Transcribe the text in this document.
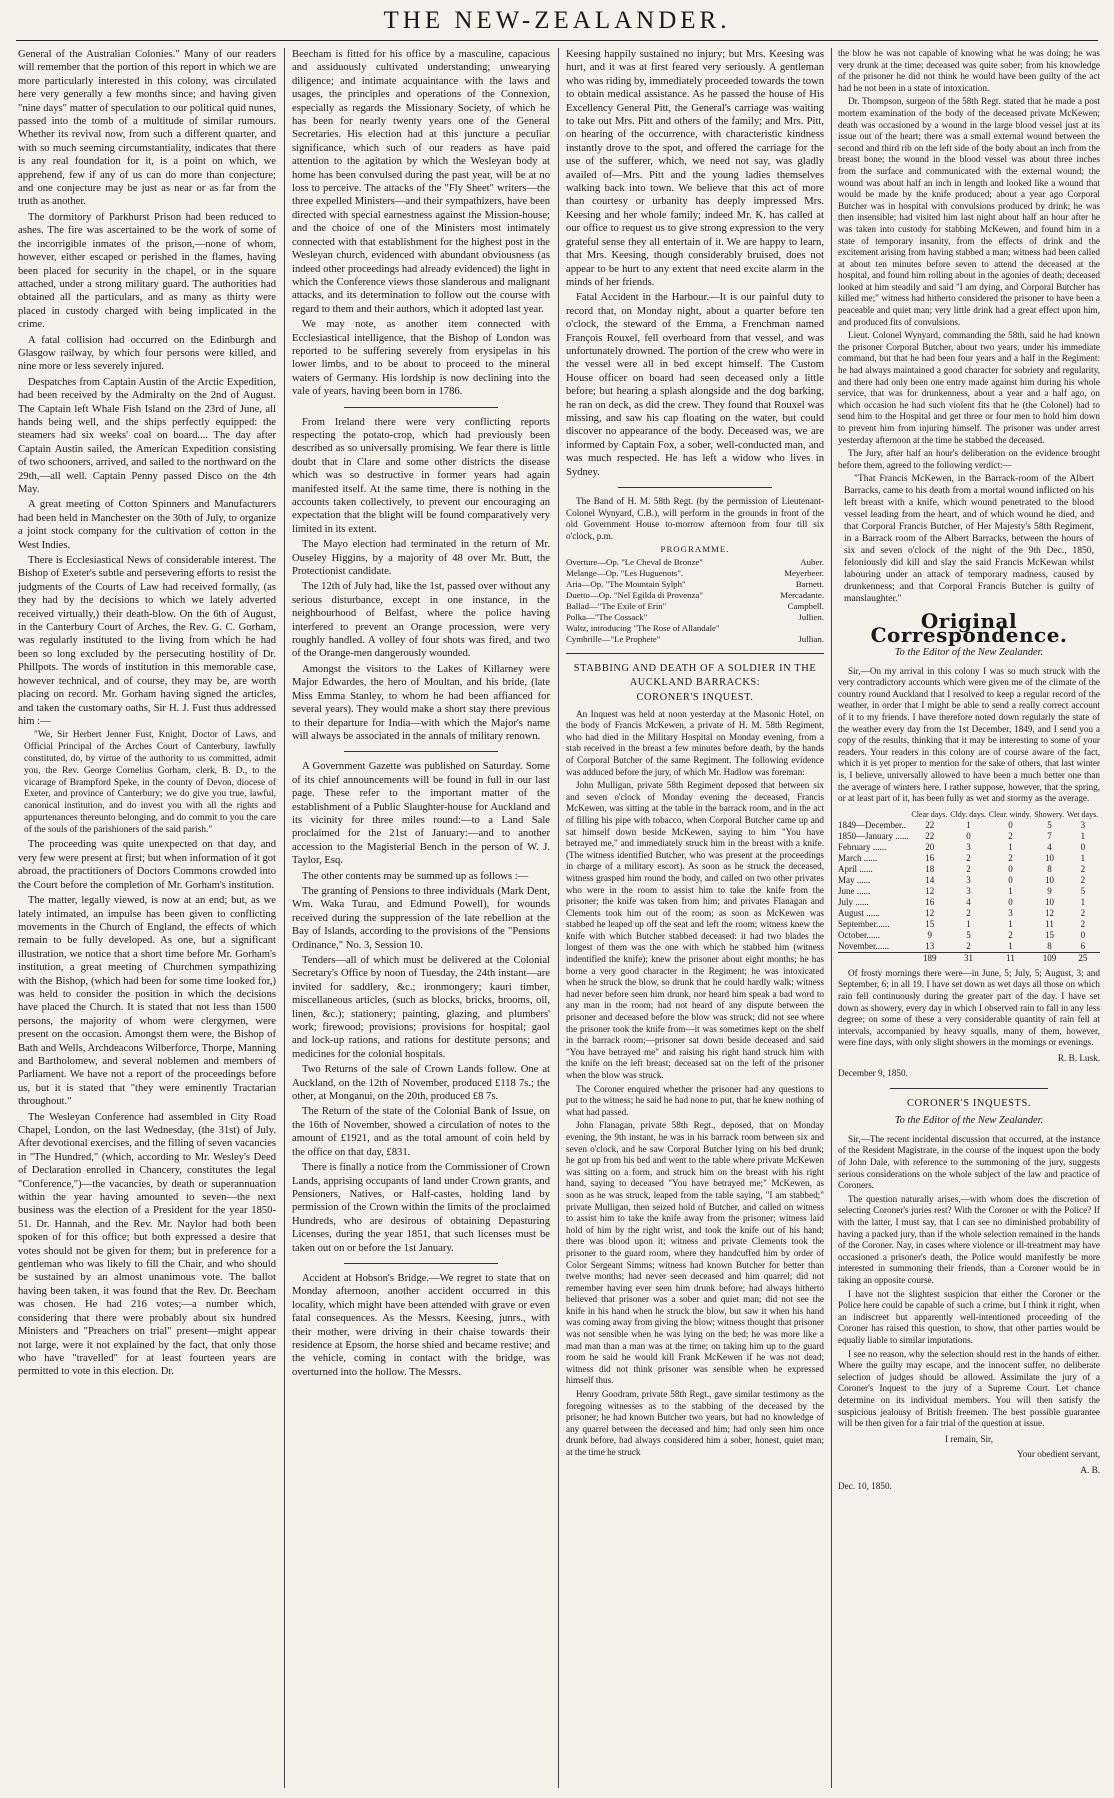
THE NEW-ZEALANDER.

General of the Australian Colonies." Many of our readers will remember that the portion of this report in which we are more particularly interested in this colony, was circulated here very generally a few months since; and having given "nine days" matter of speculation to our political quid nunes, passed into the tomb of a multitude of similar rumours. Whether its revival now, from such a different quarter, and with so much seeming circumstantiality, indicates that there is any real foundation for it, is a point on which, we apprehend, few if any of us can do more than conjecture; and one conjecture may be just as near or as far from the truth as another.

The dormitory of Parkhurst Prison had been reduced to ashes. The fire was ascertained to be the work of some of the incorrigible inmates of the prison,—none of whom, however, either escaped or perished in the flames, having been placed for security in the chapel, or in the square attached, under a strong military guard. The authorities had obtained all the particulars, and as many as thirty were placed in custody charged with being implicated in the crime.

A fatal collision had occurred on the Edinburgh and Glasgow railway, by which four persons were killed, and nine more or less severely injured.

Despatches from Captain Austin of the Arctic Expedition, had been received by the Admiralty on the 2nd of August. The Captain left Whale Fish Island on the 23rd of June, all hands being well, and the ships perfectly equipped: the steamers had six weeks' coal on board.... The day after Captain Austin sailed, the American Expedition consisting of two schooners, arrived, and sailed to the northward on the 29th,—all well. Captain Penny passed Disco on the 4th May.

A great meeting of Cotton Spinners and Manufacturers had been held in Manchester on the 30th of July, to organize a joint stock company for the cultivation of cotton in the West Indies.

There is Ecclesiastical News of considerable interest. The Bishop of Exeter's subtle and persevering efforts to resist the judgments of the Courts of Law had received formally, (as they had by the decisions to which we lately adverted received virtually,) their death-blow. On the 6th of August, in the Canterbury Court of Arches, the Rev. G. C. Gorham, was regularly instituted to the living from which he had been so long excluded by the persecuting hostility of Dr. Phillpots. The words of institution in this memorable case, however technical, and of course, they may be, are worth placing on record. Mr. Gorham having signed the articles, and taken the customary oaths, Sir H. J. Fust thus addressed him :—

"We, Sir Herbert Jenner Fust, Knight, Doctor of Laws, and Official Principal of the Arches Court of Canterbury, lawfully constituted, do, by virtue of the authority to us committed, admit you, the Rev. George Cornelius Gorham, clerk, B. D., to the vicarage of Brampford Speke, in the county of Devon, diocese of Exeter, and province of Canterbury; we do give you true, lawful, canonical institution, and do invest you with all the rights and appurtenances thereunto belonging, and do commit to you the care of the souls of the parishioners of the said parish."

The proceeding was quite unexpected on that day, and very few were present at first; but when information of it got abroad, the practitioners of Doctors Commons crowded into the Court before the completion of Mr. Gorham's institution.

The matter, legally viewed, is now at an end; but, as we lately intimated, an impulse has been given to conflicting movements in the Church of England, the effects of which remain to be fully developed. As one, but a significant illustration, we notice that a short time before Mr. Gorham's institution, a great meeting of Churchmen sympathizing with the Bishop, (which had been for some time looked for,) was held to consider the position in which the decisions have placed the Church. It is stated that not less than 1500 persons, the majority of whom were clergymen, were present on the occasion. Amongst them were, the Bishop of Bath and Wells, Archdeacons Wilberforce, Thorpe, Manning and Bartholomew, and several noblemen and members of Parliament. We have not a report of the proceedings before us, but it is stated that "they were eminently Tractarian throughout."

The Wesleyan Conference had assembled in City Road Chapel, London, on the last Wednesday, (the 31st) of July. After devotional exercises, and the filling of seven vacancies in "The Hundred," (which, according to Mr. Wesley's Deed of Declaration enrolled in Chancery, constitutes the legal "Conference,")—the vacancies, by death or superannuation within the year having amounted to seven—the next business was the election of a President for the year 1850-51. Dr. Hannah, and the Rev. Mr. Naylor had both been spoken of for this office; but both expressed a desire that votes should not be given for them; but in preference for a gentleman who was likely to fill the Chair, and who should be sustained by an almost unanimous vote. The ballot having been taken, it was found that the Rev. Dr. Beecham was chosen. He had 216 votes;—a number which, considering that there were probably about six hundred Ministers and "Preachers on trial" present—might appear not large, were it not explained by the fact, that only those who have "travelled" for at least fourteen years are permitted to vote in this election. Dr.

Beecham is fitted for his office by a masculine, capacious and assiduously cultivated understanding; unwearying diligence; and intimate acquaintance with the laws and usages, the principles and operations of the Connexion, especially as regards the Missionary Society, of which he has been for nearly twenty years one of the General Secretaries. His election had at this juncture a peculiar significance, which such of our readers as have paid attention to the agitation by which the Wesleyan body at home has been convulsed during the past year, will be at no loss to perceive. The attacks of the "Fly Sheet" writers—the three expelled Ministers—and their sympathizers, have been directed with special earnestness against the Mission-house; and the choice of one of the Ministers most intimately connected with that establishment for the highest post in the Wesleyan church, evidenced with abundant obviousness (as indeed other proceedings had already evidenced) the light in which the Conference views those slanderous and malignant attacks, and its determination to follow out the course with regard to them and their authors, which it adopted last year.

We may note, as another item connected with Ecclesiastical intelligence, that the Bishop of London was reported to be suffering severely from erysipelas in his lower limbs, and to be about to proceed to the mineral waters of Germany. His lordship is now declining into the vale of years, having been born in 1786.

From Ireland there were very conflicting reports respecting the potato-crop, which had previously been described as so universally promising. We fear there is little doubt that in Clare and some other districts the disease which was so destructive in former years had again manifested itself. At the same time, there is nothing in the accounts taken collectively, to prevent our encouraging an expectation that the blight will be found comparatively very limited in its extent.

The Mayo election had terminated in the return of Mr. Ouseley Higgins, by a majority of 48 over Mr. Butt, the Protectionist candidate.

The 12th of July had, like the 1st, passed over without any serious disturbance, except in one instance, in the neighbourhood of Belfast, where the police having interfered to prevent an Orange procession, were very roughly handled. A volley of four shots was fired, and two of the Orange-men dangerously wounded.

Amongst the visitors to the Lakes of Killarney were Major Edwardes, the hero of Moultan, and his bride, (late Miss Emma Stanley, to whom he had been affianced for several years). They would make a short stay there previous to their departure for India—with which the Major's name will always be associated in the annals of military renown.

A Government Gazette was published on Saturday. Some of its chief announcements will be found in full in our last page. These refer to the important matter of the establishment of a Public Slaughter-house for Auckland and its vicinity for three miles round:—to a Land Sale proclaimed for the 21st of January:—and to another accession to the Magisterial Bench in the person of W. J. Taylor, Esq.

The other contents may be summed up as follows :—

The granting of Pensions to three individuals (Mark Dent, Wm. Waka Turau, and Edmund Powell), for wounds received during the suppression of the late rebellion at the Bay of Islands, according to the provisions of the "Pensions Ordinance," No. 3, Session 10.

Tenders—all of which must be delivered at the Colonial Secretary's Office by noon of Tuesday, the 24th instant—are invited for saddlery, &c.; ironmongery; kauri timber, miscellaneous articles, (such as blocks, bricks, brooms, oil, linen, &c.); stationery; painting, glazing, and plumbers' work; firewood; provisions; provisions for hospital; gaol and lock-up rations, and rations for destitute persons; and medicines for the colonial hospitals.

Two Returns of the sale of Crown Lands follow. One at Auckland, on the 12th of November, produced £118 7s.; the other, at Monganui, on the 20th, produced £8 7s.

The Return of the state of the Colonial Bank of Issue, on the 16th of November, showed a circulation of notes to the amount of £1921, and as the total amount of coin held by the office on that day, £831.

There is finally a notice from the Commissioner of Crown Lands, apprising occupants of land under Crown grants, and Pensioners, Natives, or Half-castes, holding land by permission of the Crown within the limits of the proclaimed Hundreds, who are desirous of obtaining Depasturing Licenses, during the year 1851, that such licenses must be taken out on or before the 1st January.

Accident at Hobson's Bridge.—We regret to state that on Monday afternoon, another accident occurred in this locality, which might have been attended with grave or even fatal consequences. As the Messrs. Keesing, junrs., with their mother, were driving in their chaise towards their residence at Epsom, the horse shied and became restive; and the vehicle, coming in contact with the bridge, was overturned into the hollow. The Messrs.

Keesing happily sustained no injury; but Mrs. Keesing was hurt, and it was at first feared very seriously. A gentleman who was riding by, immediately proceeded towards the town to obtain medical assistance. As he passed the house of His Excellency General Pitt, the General's carriage was waiting to take out Mrs. Pitt and others of the family; and Mrs. Pitt, on hearing of the occurrence, with characteristic kindness instantly drove to the spot, and offered the carriage for the use of the sufferer, which, we need not say, was gladly availed of—Mrs. Pitt and the young ladies themselves walking back into town. We believe that this act of more than courtesy or urbanity has deeply impressed Mrs. Keesing and her whole family; indeed Mr. K. has called at our office to request us to give strong expression to the very grateful sense they all entertain of it. We are happy to learn, that Mrs. Keesing, though considerably bruised, does not appear to be hurt to any extent that need excite alarm in the minds of her friends.

Fatal Accident in the Harbour.—It is our painful duty to record that, on Monday night, about a quarter before ten o'clock, the steward of the Emma, a Frenchman named François Rouxel, fell overboard from that vessel, and was unfortunately drowned. The portion of the crew who were in the vessel were all in bed except himself. The Custom House officer on board had seen deceased only a little before; but hearing a splash alongside and the dog barking, he ran on deck, as did the crew. They found that Rouxel was missing, and saw his cap floating on the water, but could discover no appearance of the body. Deceased was, we are informed by Captain Fox, a sober, well-conducted man, and was much respected. He has left a widow who lives in Sydney.

The Band of H. M. 58th Regt. (by the permission of Lieutenant-Colonel Wynyard, C.B.), will perform in the grounds in front of the old Government House to-morrow afternoon from four till six o'clock, p.m.

PROGRAMME.
Overture—Op. "Le Cheval de Bronze"	Auber.
Melange—Op. "Les Huguenots".	Meyerbeer.
Aria—Op. "The Mountain Sylph"	Barnett.
Duetto—Op. "Nel Egilda di Provenza"	Mercadante.
Ballad—"The Exile of Erin"	Campbell.
Polka—"The Cossack"	Jullien.
Waltz, introducing "The Rose of Allandale"
Cymbrille—"Le Prophete"	Jullian.
STABBING AND DEATH OF A SOLDIER IN THE AUCKLAND BARRACKS:
CORONER'S INQUEST.

An Inquest was held at noon yesterday at the Masonic Hotel, on the body of Francis McKewen, a private of H. M. 58th Regiment, who had died in the Military Hospital on Monday evening, from a stab received in the breast a few minutes before death, by the hands of Corporal Butcher of the same Regiment. The following evidence was adduced before the jury, of which Mr. Hadlow was foreman:

John Mulligan, private 58th Regiment deposed that between six and seven o'clock of Monday evening the deceased, Francis McKewen, was sitting at the table in the barrack room, and in the act of filling his pipe with tobacco, when Corporal Butcher came up and sat himself down beside McKewen, saying to him "You have betrayed me," and immediately struck him in the breast with a knife. (The witness identified Butcher, who was present at the proceedings in charge of a military escort). As soon as he struck the deceased, witness grasped him round the body, and called on two other privates who were in the room to assist him to take the knife from the prisoner; the knife was taken from him; and privates Flanagan and Clements took him out of the room; as soon as McKewen was stabbed he leaped up off the seat and left the room; witness knew the knife with which Butcher stabbed deceased: it had two blades the longest of them was the one with which he stabbed him (witness indentified the knife); knew the prisoner about eight months; he has borne a very good character in the Regiment; he was intoxicated when he struck the blow, so drunk that he could hardly walk; witness had never before seen him drunk, nor heard him speak a bad word to any man in the room; had not heard of any dispute between the prisoner and deceased before the blow was struck; did not see where the prisoner took the knife from—it was sometimes kept on the shelf in the barrack room;—prisoner sat down beside deceased and said "You have betrayed me" and raising his right hand struck him with the knife on the left breast; deceased sat on the left of the prisoner when the blow was struck.

The Coroner enquired whether the prisoner had any questions to put to the witness; he said he had none to put, that he knew nothing of what had passed.

John Flanagan, private 58th Regt., deposed, that on Monday evening, the 9th instant, he was in his barrack room between six and seven o'clock, and he saw Corporal Butcher lying on his bed drunk; he got up from his bed and went to the table where private McKewen was sitting on a form, and struck him on the breast with his right hand, saying to deceased "You have betrayed me;" McKewen, as soon as he was struck, leaped from the table saying, "I am stabbed;" private Mulligan, then seized hold of Butcher, and called on witness to assist him to take the knife away from the prisoner; witness laid hold of him by the right wrist, and took the knife out of his hand; there was blood upon it; witness and private Clements took the prisoner to the guard room, where they handcuffed him by order of Color Sergeant Simms; witness had known Butcher for better than twelve months; had never seen deceased and him quarrel; did not remember having ever seen him drunk before; had always hitherto believed that prisoner was a sober and quiet man; did not see the knife in his hand when he struck the blow, but saw it when his hand was coming away from giving the blow; witness thought that prisoner was not sensible when he was lying on the bed; he was more like a mad man than a man was at the time; on taking him up to the guard room he said he would kill Frank McKewen if he was not dead; witness did not think prisoner was sensible when he expressed himself thus.

Henry Goodram, private 58th Regt., gave similar testimony as the foregoing witnesses as to the stabbing of the deceased by the prisoner; he had known Butcher two years, but had no knowledge of any quarrel between the deceased and him; had only seen him once drunk before, had always considered him a sober, honest, quiet man; at the time he struck

the blow he was not capable of knowing what he was doing; he was very drunk at the time; deceased was quite sober; from his knowledge of the prisoner he did not think he would have been guilty of the act had he not been in a state of intoxication.

Dr. Thompson, surgeon of the 58th Regt. stated that he made a post mortem examination of the body of the deceased private McKewen; death was occasioned by a wound in the large blood vessel just at its issue out of the heart; there was a small external wound between the second and third rib on the left side of the body about an inch from the breast bone; the wound in the blood vessel was about three inches from the surface and communicated with the external wound; the wound was about half an inch in length and looked like a wound that would be made by the knife produced; about a year ago Corporal Butcher was in hospital with convulsions produced by drink; he was then insensible; had visited him last night about half an hour after he was taken into custody for stabbing McKewen, and found him in a state of temporary insanity, from the effects of drink and the excitement arising from having stabbed a man; witness had been called at about ten minutes before seven to attend the deceased at the hospital, and found him rolling about in the agonies of death; deceased looked at him steadily and said "I am dying, and Corporal Butcher has killed me;" witness had hitherto considered the prisoner to have been a peaceable and quiet man; very little drink had a great effect upon him, and produced fits of convulsions.

Lieut. Colonel Wynyard, commanding the 58th, said he had known the prisoner Corporal Butcher, about two years, under his immediate command, but that he had been four years and a half in the Regiment: he had always maintained a good character for sobriety and regularity, and there had only been one entry made against him during his whole service, that was for drunkenness, about a year and a half ago, on which occasion he had such violent fits that he (the Colonel) had to send him to the Hospital and get three or four men to hold him down to prevent him from injuring himself. The prisoner was under arrest yesterday afternoon at the time he stabbed the deceased.

The Jury, after half an hour's deliberation on the evidence brought before them, agreed to the following verdict:—

"That Francis McKewen, in the Barrack-room of the Albert Barracks, came to his death from a mortal wound inflicted on his left breast with a knife, which wound penetrated to the blood vessel leading from the heart, and of which wound he died, and that Corporal Francis Butcher, of Her Majesty's 58th Regiment, in a Barrack room of the Albert Barracks, between the hours of six and seven o'clock of the night of the 9th Dec., 1850, feloniously did kill and slay the said Francis McKewan whilst labouring under an attack of temporary madness, caused by drunkenness; and that Corporal Francis Butcher is guilty of manslaughter."

Original Correspondence.
To the Editor of the New Zealander.

Sir,—On my arrival in this colony I was so much struck with the very contradictory accounts which were given me of the climate of the country round Auckland that I resolved to keep a regular record of the weather, in order that I might be able to send a really correct account of it to my friends. I have therefore noted down regularly the state of the weather every day from the 1st December, 1849, and I send you a copy of the results, thinking that it may be interesting to some of your readers. Your readers in this colony are of course aware of the fact, which it is yet proper to mention for the sake of others, that last winter is, I believe, universally allowed to have been a much better one than the average of winters here. I rather suppose, however, that the spring, or at least part of it, has been fully as wet and stormy as the average.

	Clear days.	Cldy. days.	Clear. windy.	Showery.	Wet days.
1849—December..	22	1	0	5	3
1850—January ......	22	0	2	7	1
February ......	20	3	1	4	0
March ......	16	2	2	10	1
April ......	18	2	0	8	2
May ......	14	3	0	10	2
June ......	12	3	1	9	5
July ......	16	4	0	10	1
August ......	12	2	3	12	2
September......	15	1	1	11	2
October......	9	5	2	15	0
November......	13	2	1	8	6
	189	31	11	109	25

Of frosty mornings there were—in June, 5; July, 5; August, 3; and September, 6; in all 19. I have set down as wet days all those on which rain fell continuously during the greater part of the day. I have set down as showery, every day in which I observed rain to fall in any less degree; on some of these a very considerable quantity of rain fell at intervals, accompanied by heavy squalls, many of them, however, were fine days, with only slight showers in the mornings or evenings.

R. B. Lusk.
December 9, 1850.
CORONER'S INQUESTS.
To the Editor of the New Zealander.

Sir,—The recent incidental discussion that occurred, at the instance of the Resident Magistrate, in the course of the inquest upon the body of John Dale, with reference to the summoning of the jury, suggests serious considerations on the whole subject of the law and practice of Coroners.

The question naturally arises,—with whom does the discretion of selecting Coroner's juries rest? With the Coroner or with the Police? If with the latter, I must say, that I can see no diminished probability of having a packed jury, than if the whole selection remained in the hands of the Coroner. Nay, in cases where violence or ill-treatment may have occasioned a prisoner's death, the Police would manifestly be more interested in summoning their friends, than a Coroner would be in taking an opposite course.

I have not the slightest suspicion that either the Coroner or the Police here could be capable of such a crime, but I think it right, when an indiscreet but apparently well-intentioned proceeding of the Coroner has raised this question, to show, that other parties would be equally liable to similar imputations.

I see no reason, why the selection should rest in the hands of either. Where the guilty may escape, and the innocent suffer, no deliberate selection of judges should be allowed. Assimilate the jury of a Coroner's Inquest to the jury of a Supreme Court. Let chance determine on its individual members. You will then satisfy the suspicious jealousy of British freemen. The best possible guarantee will be then given for a fair trial of the question at issue.

I remain, Sir,
Your obedient servant,
A. B.
Dec. 10, 1850.
